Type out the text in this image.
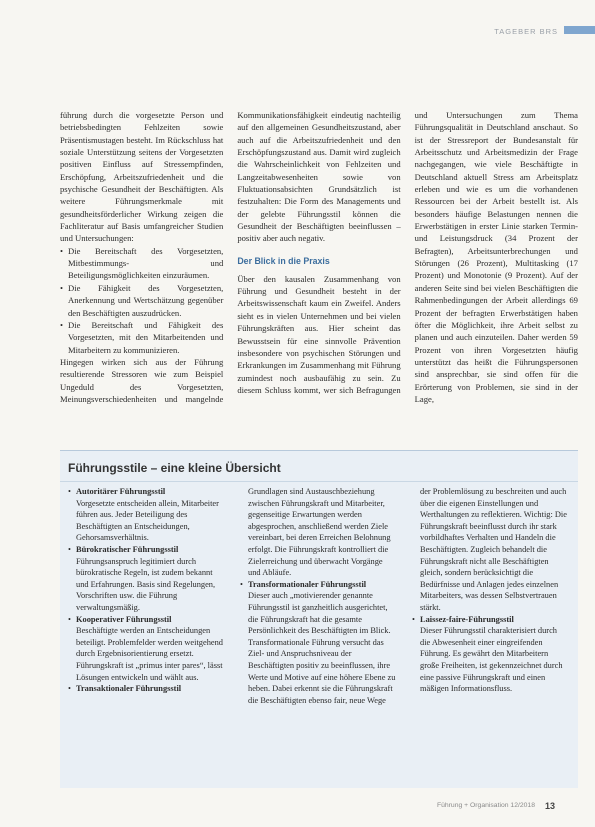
TAGEBER BRS

führung durch die vorgesetzte Person und betriebsbedingten Fehlzeiten sowie Präsentismustagen besteht. Im Rückschluss hat soziale Unterstützung seitens der Vorgesetzten positiven Einfluss auf Stressempfinden, Erschöpfung, Arbeitszufriedenheit und die psychische Gesundheit der Beschäftigten. Als weitere Führungsmerkmale mit gesundheitsförderlicher Wirkung zeigen die Fachliteratur auf Basis umfangreicher Studien und Untersuchungen:

• Die Bereitschaft des Vorgesetzten, Mitbestimmungs- und Beteiligungsmöglichkeiten einzuräumen.
• Die Fähigkeit des Vorgesetzten, Anerkennung und Wertschätzung gegenüber den Beschäftigten auszudrücken.
• Die Bereitschaft und Fähigkeit des Vorgesetzten, mit den Mitarbeitenden und Mitarbeitern zu kommunizieren.

Hingegen wirken sich aus der Führung resultierende Stressoren wie zum Beispiel Ungeduld des Vorgesetzten, Meinungsverschiedenheiten und mangelnde Kommunikationsfähigkeit eindeutig nachteilig auf den allgemeinen Gesundheitszustand, aber auch auf die Arbeitszufriedenheit und den Erschöpfungszustand aus. Damit wird zugleich die Wahrscheinlichkeit von Fehlzeiten und Langzeitabwesenheiten sowie von Fluktuationsabsichten Grundsätzlich ist festzuhalten: Die Form des Managements und der gelebte Führungsstil können die Gesundheit der Beschäftigten beeinflussen – positiv aber auch negativ.

Der Blick in die Praxis

Über den kausalen Zusammenhang von Führung und Gesundheit besteht in der Arbeitswissenschaft kaum ein Zweifel. Anders sieht es in vielen Unternehmen und bei vielen Führungskräften aus. Hier scheint das Bewusstsein für eine sinnvolle Prävention insbesondere von psychischen Störungen und Erkrankungen im Zusammenhang mit Führung zumindest noch ausbaufähig zu sein. Zu diesem Schluss kommt, wer sich Befragungen und Untersuchungen zum Thema Führungsqualität in Deutschland anschaut. So ist der Stressreport der Bundesanstalt für Arbeitsschutz und Arbeitsmedizin der Frage nachgegangen, wie viele Beschäftigte in Deutschland aktuell Stress am Arbeitsplatz erleben und wie es um die vorhandenen Ressourcen bei der Arbeit bestellt ist. Als besonders häufige Belastungen nennen die Erwerbstätigen in erster Linie starken Termin- und Leistungsdruck (34 Prozent der Befragten), Arbeitsunterbrechungen und Störungen (26 Prozent), Multitasking (17 Prozent) und Monotonie (9 Prozent). Auf der anderen Seite sind bei vielen Beschäftigten die Rahmenbedingungen der Arbeit allerdings 69 Prozent der befragten Erwerbstätigen haben öfter die Möglichkeit, ihre Arbeit selbst zu planen und auch einzuteilen. Daher werden 59 Prozent von ihren Vorgesetzten häufig unterstützt das heißt die Führungspersonen sind ansprechbar, sie sind offen für die Erörterung von Problemen, sie sind in der Lage,

Führungsstile – eine kleine Übersicht
• Autoritärer Führungsstil
Vorgesetzte entscheiden allein, Mitarbeiter führen aus. Jeder Beteiligung des Beschäftigten an Entscheidungen, Gehorsamsverhältnis.
• Bürokratischer Führungsstil
Führungsanspruch legitimiert durch bürokratische Regeln, ist zudem bekannt und Erfahrungen. Basis sind Regelungen, Vorschriften usw. die Führung verwaltungsmäßig.
• Kooperativer Führungsstil
Beschäftigte werden an Entscheidungen beteiligt. Problemfelder werden weitgehend durch Ergebnisorientierung ersetzt. Führungskraft ist „primus inter pares“, lässt Lösungen entwickeln und wählt aus.
• Transaktionaler Führungsstil
Grundlagen sind Austauschbeziehung zwischen Führungskraft und Mitarbeiter, gegenseitige Erwartungen werden abgesprochen, anschließend werden Ziele vereinbart, bei deren Erreichen Belohnung erfolgt. Die Führungskraft kontrolliert die Zielerreichung und überwacht Vorgänge und Abläufe.
• Transformationaler Führungsstil
Dieser auch „motivierender genannte Führungsstil ist ganzheitlich ausgerichtet, die Führungskraft hat die gesamte Persönlichkeit des Beschäftigten im Blick. Transformationale Führung versucht das Ziel- und Anspruchsniveau der Beschäftigten positiv zu beeinflussen, ihre Werte und Motive auf eine höhere Ebene zu heben. Dabei erkennt sie die Führungskraft die Beschäftigten ebenso fair, neue Wege der Problemlösung zu beschreiten und auch über die eigenen Einstellungen und Werthaltungen zu reflektieren. Wichtig: Die Führungskraft beeinflusst durch ihr stark vorbildhaftes Verhalten und Handeln die Beschäftigten. Zugleich behandelt die Führungskraft nicht alle Beschäftigten gleich, sondern berücksichtigt die Bedürfnisse und Anlagen jedes einzelnen Mitarbeiters, was dessen Selbstvertrauen stärkt.
• Laissez-faire-Führungsstil
Dieser Führungsstil charakterisiert durch die Abwesenheit einer eingreifenden Führung. Es gewährt den Mitarbeitern große Freiheiten, ist gekennzeichnet durch eine passive Führungskraft und einen mäßigen Informationsfluss.
Führung + Organisation 12/2018 13
